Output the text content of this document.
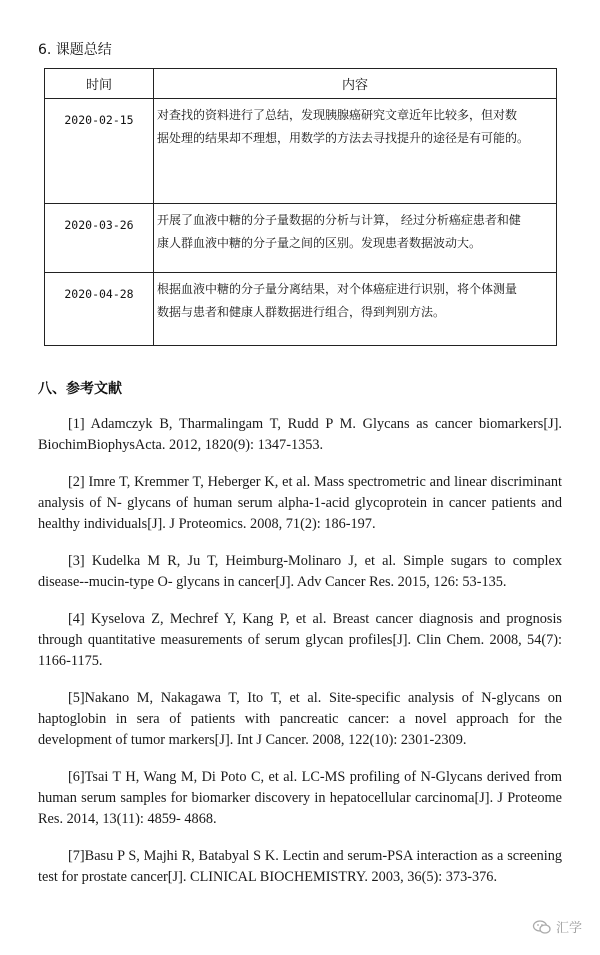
6. 课题总结
时间	内容
2020-02-15	对查找的资料进行了总结，发现胰腺癌研究文章近年比较多，但对数
据处理的结果却不理想，用数学的方法去寻找提升的途径是有可能的。
2020-03-26	开展了血液中糖的分子量数据的分析与计算， 经过分析癌症患者和健
康人群血液中糖的分子量之间的区别。发现患者数据波动大。
2020-04-28	根据血液中糖的分子量分离结果，对个体癌症进行识别，将个体测量
数据与患者和健康人群数据进行组合，得到判别方法。
八、参考文献

[1] Adamczyk B, Tharmalingam T, Rudd P M. Glycans as cancer biomarkers[J]. BiochimBiophysActa. 2012, 1820(9): 1347-1353.

[2] Imre T, Kremmer T, Heberger K, et al. Mass spectrometric and linear discriminant analysis of N- glycans of human serum alpha-1-acid glycoprotein in cancer patients and healthy individuals[J]. J Proteomics. 2008, 71(2): 186-197.

[3] Kudelka M R, Ju T, Heimburg-Molinaro J, et al. Simple sugars to complex disease--mucin-type O- glycans in cancer[J]. Adv Cancer Res. 2015, 126: 53-135.

[4] Kyselova Z, Mechref Y, Kang P, et al. Breast cancer diagnosis and prognosis through quantitative measurements of serum glycan profiles[J]. Clin Chem. 2008, 54(7): 1166-1175.

[5]Nakano M, Nakagawa T, Ito T, et al. Site-specific analysis of N-glycans on haptoglobin in sera of patients with pancreatic cancer: a novel approach for the development of tumor markers[J]. Int J Cancer. 2008, 122(10): 2301-2309.

[6]Tsai T H, Wang M, Di Poto C, et al. LC-MS profiling of N-Glycans derived from human serum samples for biomarker discovery in hepatocellular carcinoma[J]. J Proteome Res. 2014, 13(11): 4859- 4868.

[7]Basu P S, Majhi R, Batabyal S K. Lectin and serum-PSA interaction as a screening test for prostate cancer[J]. CLINICAL BIOCHEMISTRY. 2003, 36(5): 373-376.

汇学
